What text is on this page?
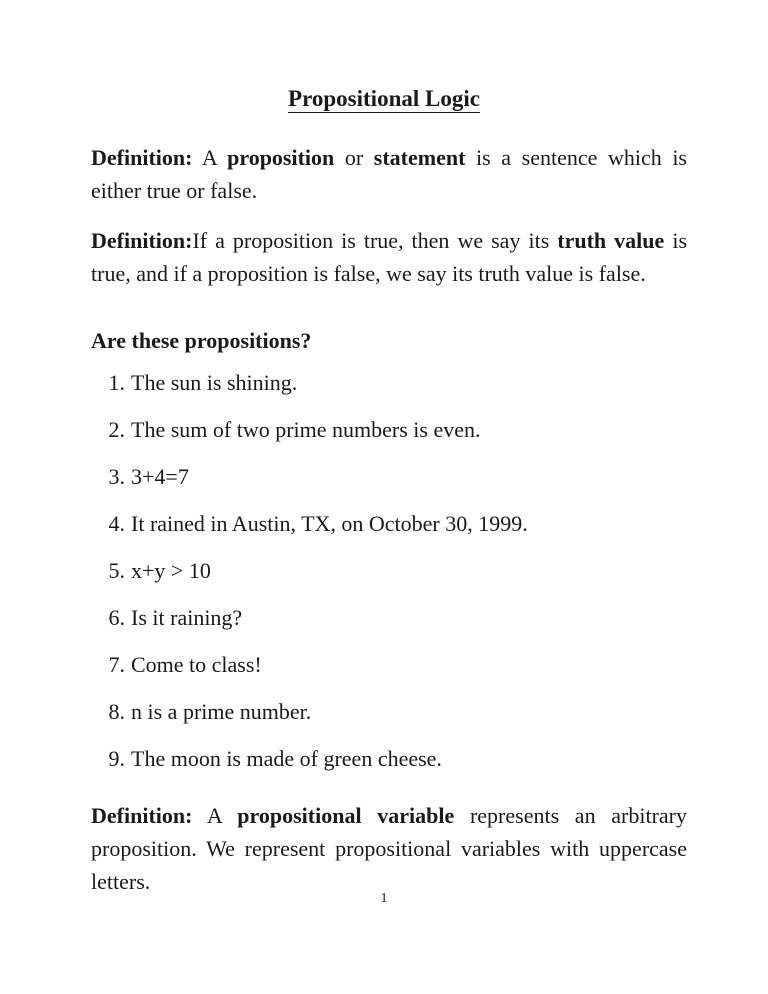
Propositional Logic

Definition: A proposition or statement is a sentence which is either true or false.

Definition:If a proposition is true, then we say its truth value is true, and if a proposition is false, we say its truth value is false.

Are these propositions?

1. The sun is shining.
2. The sum of two prime numbers is even.
3. 3+4=7
4. It rained in Austin, TX, on October 30, 1999.
5. x+y > 10
6. Is it raining?
7. Come to class!
8. n is a prime number.
9. The moon is made of green cheese.

Definition: A propositional variable represents an arbitrary proposition. We represent propositional variables with uppercase letters.

1
